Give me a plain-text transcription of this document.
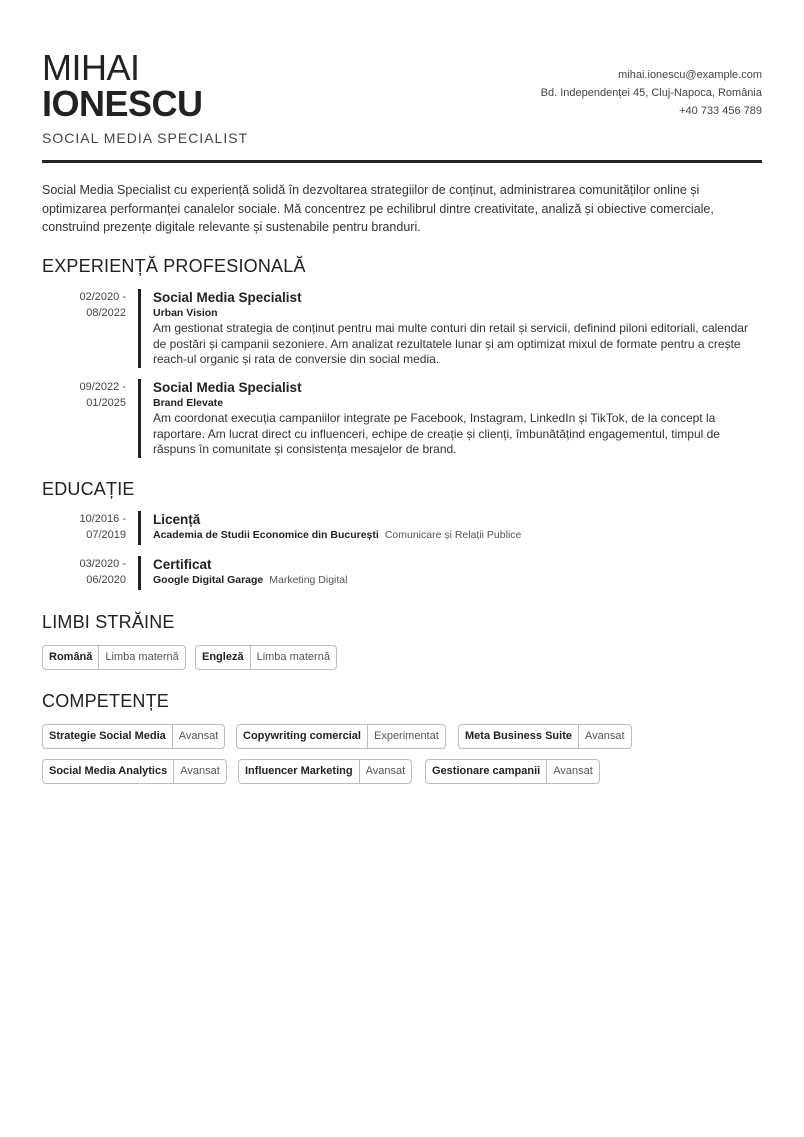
MIHAI
IONESCU
SOCIAL MEDIA SPECIALIST
mihai.ionescu@example.com
Bd. Independenței 45, Cluj-Napoca, România
+40 733 456 789
Social Media Specialist cu experiență solidă în dezvoltarea strategiilor de conținut, administrarea comunităților online și optimizarea performanței canalelor sociale. Mă concentrez pe echilibrul dintre creativitate, analiză și obiective comerciale, construind prezențe digitale relevante și sustenabile pentru branduri.
EXPERIENȚĂ PROFESIONALĂ
02/2020 -
08/2022
Social Media Specialist
Urban Vision
Am gestionat strategia de conținut pentru mai multe conturi din retail și servicii, definind piloni editoriali, calendar de postări și campanii sezoniere. Am analizat rezultatele lunar și am optimizat mixul de formate pentru a crește reach-ul organic și rata de conversie din social media.
09/2022 -
01/2025
Social Media Specialist
Brand Elevate
Am coordonat execuția campaniilor integrate pe Facebook, Instagram, LinkedIn și TikTok, de la concept la raportare. Am lucrat direct cu influenceri, echipe de creație și clienți, îmbunătățind engagementul, timpul de răspuns în comunitate și consistența mesajelor de brand.
EDUCAȚIE
10/2016 -
07/2019
Licență
Academia de Studii Economice din București Comunicare și Relații Publice
03/2020 -
06/2020
Certificat
Google Digital Garage Marketing Digital
LIMBI STRĂINE
Română	Limba maternă	Engleză	Limba maternă
COMPETENȚE
Strategie Social Media	Avansat	Copywriting comercial	Experimentat	Meta Business Suite	Avansat
Social Media Analytics	Avansat	Influencer Marketing	Avansat	Gestionare campanii	Avansat
